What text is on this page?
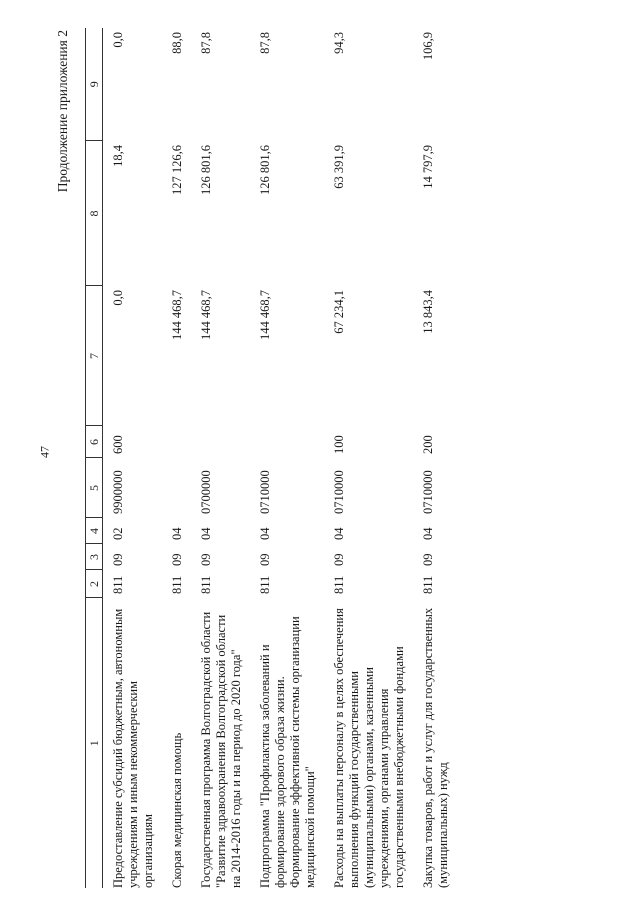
47
Продолжение приложения 2
1	2	3	4	5	6	7	8	9
Предоставление субсидий бюджетным, автономным учреждениям и иным некоммерческим организациям	811	09	02	9900000	600	0,0	18,4	0,0
Скорая медицинская помощь	811	09	04			144 468,7	127 126,6	88,0
Государственная программа Волгоградской области "Развитие здравоохранения Волгоградской области на 2014-2016 годы и на период до 2020 года"	811	09	04	0700000		144 468,7	126 801,6	87,8
Подпрограмма "Профилактика заболеваний и формирование здорового образа жизни. Формирование эффективной системы организации медицинской помощи"	811	09	04	0710000		144 468,7	126 801,6	87,8
Расходы на выплаты персоналу в целях обеспечения выполнения функций государственными (муниципальными) органами, казенными учреждениями, органами управления государственными внебюджетными фондами	811	09	04	0710000	100	67 234,1	63 391,9	94,3
Закупка товаров, работ и услуг для государственных (муниципальных) нужд	811	09	04	0710000	200	13 843,4	14 797,9	106,9
